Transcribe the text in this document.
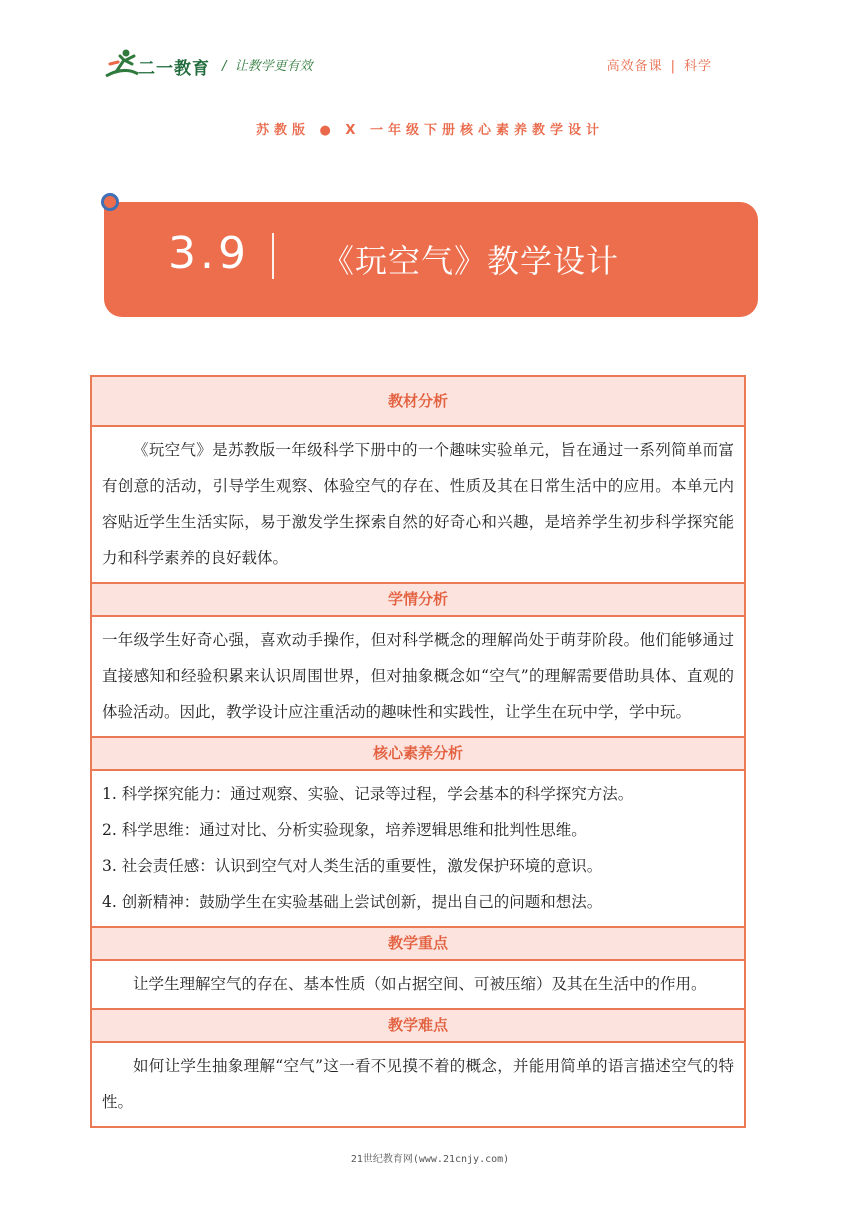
二一教育 / 让教学更有效	高效备课 | 科学
苏教版 ● X 一年级下册核心素养教学设计
3.9 《玩空气》教学设计
教材分析
《玩空气》是苏教版一年级科学下册中的一个趣味实验单元，旨在通过一系列简单而富有创意的活动，引导学生观察、体验空气的存在、性质及其在日常生活中的应用。本单元内容贴近学生生活实际，易于激发学生探索自然的好奇心和兴趣，是培养学生初步科学探究能力和科学素养的良好载体。
学情分析
一年级学生好奇心强，喜欢动手操作，但对科学概念的理解尚处于萌芽阶段。他们能够通过直接感知和经验积累来认识周围世界，但对抽象概念如“空气”的理解需要借助具体、直观的体验活动。因此，教学设计应注重活动的趣味性和实践性，让学生在玩中学，学中玩。
核心素养分析
1. 科学探究能力：通过观察、实验、记录等过程，学会基本的科学探究方法。
2. 科学思维：通过对比、分析实验现象，培养逻辑思维和批判性思维。
3. 社会责任感：认识到空气对人类生活的重要性，激发保护环境的意识。
4. 创新精神：鼓励学生在实验基础上尝试创新，提出自己的问题和想法。
教学重点
让学生理解空气的存在、基本性质（如占据空间、可被压缩）及其在生活中的作用。
教学难点
如何让学生抽象理解“空气”这一看不见摸不着的概念，并能用简单的语言描述空气的特性。
21世纪教育网(www.21cnjy.com)
